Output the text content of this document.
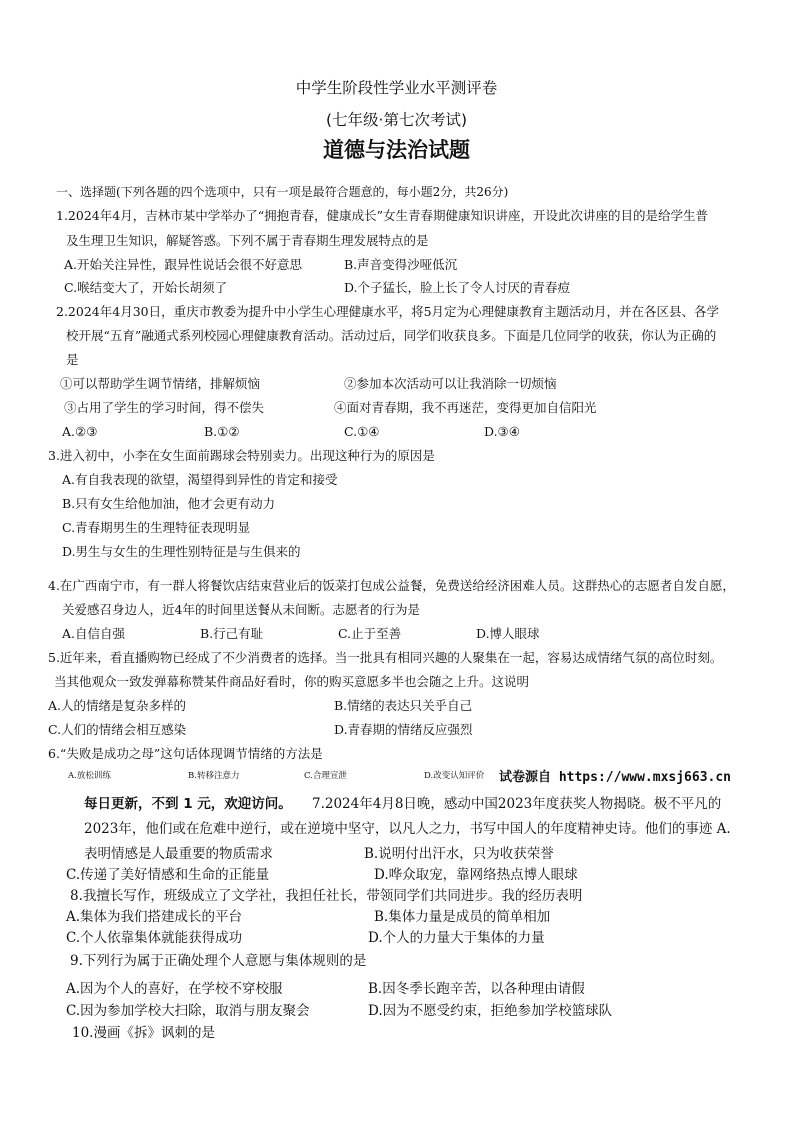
中学生阶段性学业水平测评卷
(七年级·第七次考试)
道德与法治试题
一、选择题(下列各题的四个选项中，只有一项是最符合题意的，每小题2分，共26分)
1.2024年4月，吉林市某中学举办了“拥抱青春，健康成长”女生青春期健康知识讲座，开设此次讲座的目的是给学生普
及生理卫生知识，解疑答惑。下列不属于青春期生理发展特点的是
A.开始关注异性，跟异性说话会很不好意思	B.声音变得沙哑低沉
C.喉结变大了，开始长胡须了	D.个子猛长，脸上长了令人讨厌的青春痘
2.2024年4月30日，重庆市教委为提升中小学生心理健康水平，将5月定为心理健康教育主题活动月，并在各区县、各学
校开展“五育”融通式系列校园心理健康教育活动。活动过后，同学们收获良多。下面是几位同学的收获，你认为正确的
是
①可以帮助学生调节情绪，排解烦恼	②参加本次活动可以让我消除一切烦恼
③占用了学生的学习时间，得不偿失	④面对青春期，我不再迷茫，变得更加自信阳光
A.②③	B.①②	C.①④	D.③④
3.进入初中，小李在女生面前踢球会特别卖力。出现这种行为的原因是
A.有自我表现的欲望，渴望得到异性的肯定和接受
B.只有女生给他加油，他才会更有动力
C.青春期男生的生理特征表现明显
D.男生与女生的生理性别特征是与生俱来的
4.在广西南宁市，有一群人将餐饮店结束营业后的饭菜打包成公益餐，免费送给经济困难人员。这群热心的志愿者自发自愿，
关爱感召身边人，近4年的时间里送餐从未间断。志愿者的行为是
A.自信自强	B.行己有耻	C.止于至善	D.博人眼球
5.近年来，看直播购物已经成了不少消费者的选择。当一批具有相同兴趣的人聚集在一起，容易达成情绪气氛的高位时刻。
当其他观众一致发弹幕称赞某件商品好看时，你的购买意愿多半也会随之上升。这说明
A.人的情绪是复杂多样的	B.情绪的表达只关乎自己
C.人们的情绪会相互感染	D.青春期的情绪反应强烈
6.“失败是成功之母”这句话体现调节情绪的方法是
A.放松训练	B.转移注意力	C.合理宣泄	D.改变认知评价 试卷源自 https://www.mxsj663.cn
每日更新，不到 1 元，欢迎访问。 7.2024年4月8日晚，感动中国2023年度获奖人物揭晓。极不平凡的
2023年，他们或在危难中逆行，或在逆境中坚守，以凡人之力，书写中国人的年度精神史诗。他们的事迹 A.
表明情感是人最重要的物质需求	B.说明付出汗水，只为收获荣誉
C.传递了美好情感和生命的正能量	D.哗众取宠，靠网络热点博人眼球
8.我擅长写作，班级成立了文学社，我担任社长，带领同学们共同进步。我的经历表明
A.集体为我们搭建成长的平台	B.集体力量是成员的简单相加
C.个人依靠集体就能获得成功	D.个人的力量大于集体的力量
9.下列行为属于正确处理个人意愿与集体规则的是
A.因为个人的喜好，在学校不穿校服	B.因冬季长跑辛苦，以各种理由请假
C.因为参加学校大扫除，取消与朋友聚会	D.因为不愿受约束，拒绝参加学校篮球队
10.漫画《拆》讽刺的是
